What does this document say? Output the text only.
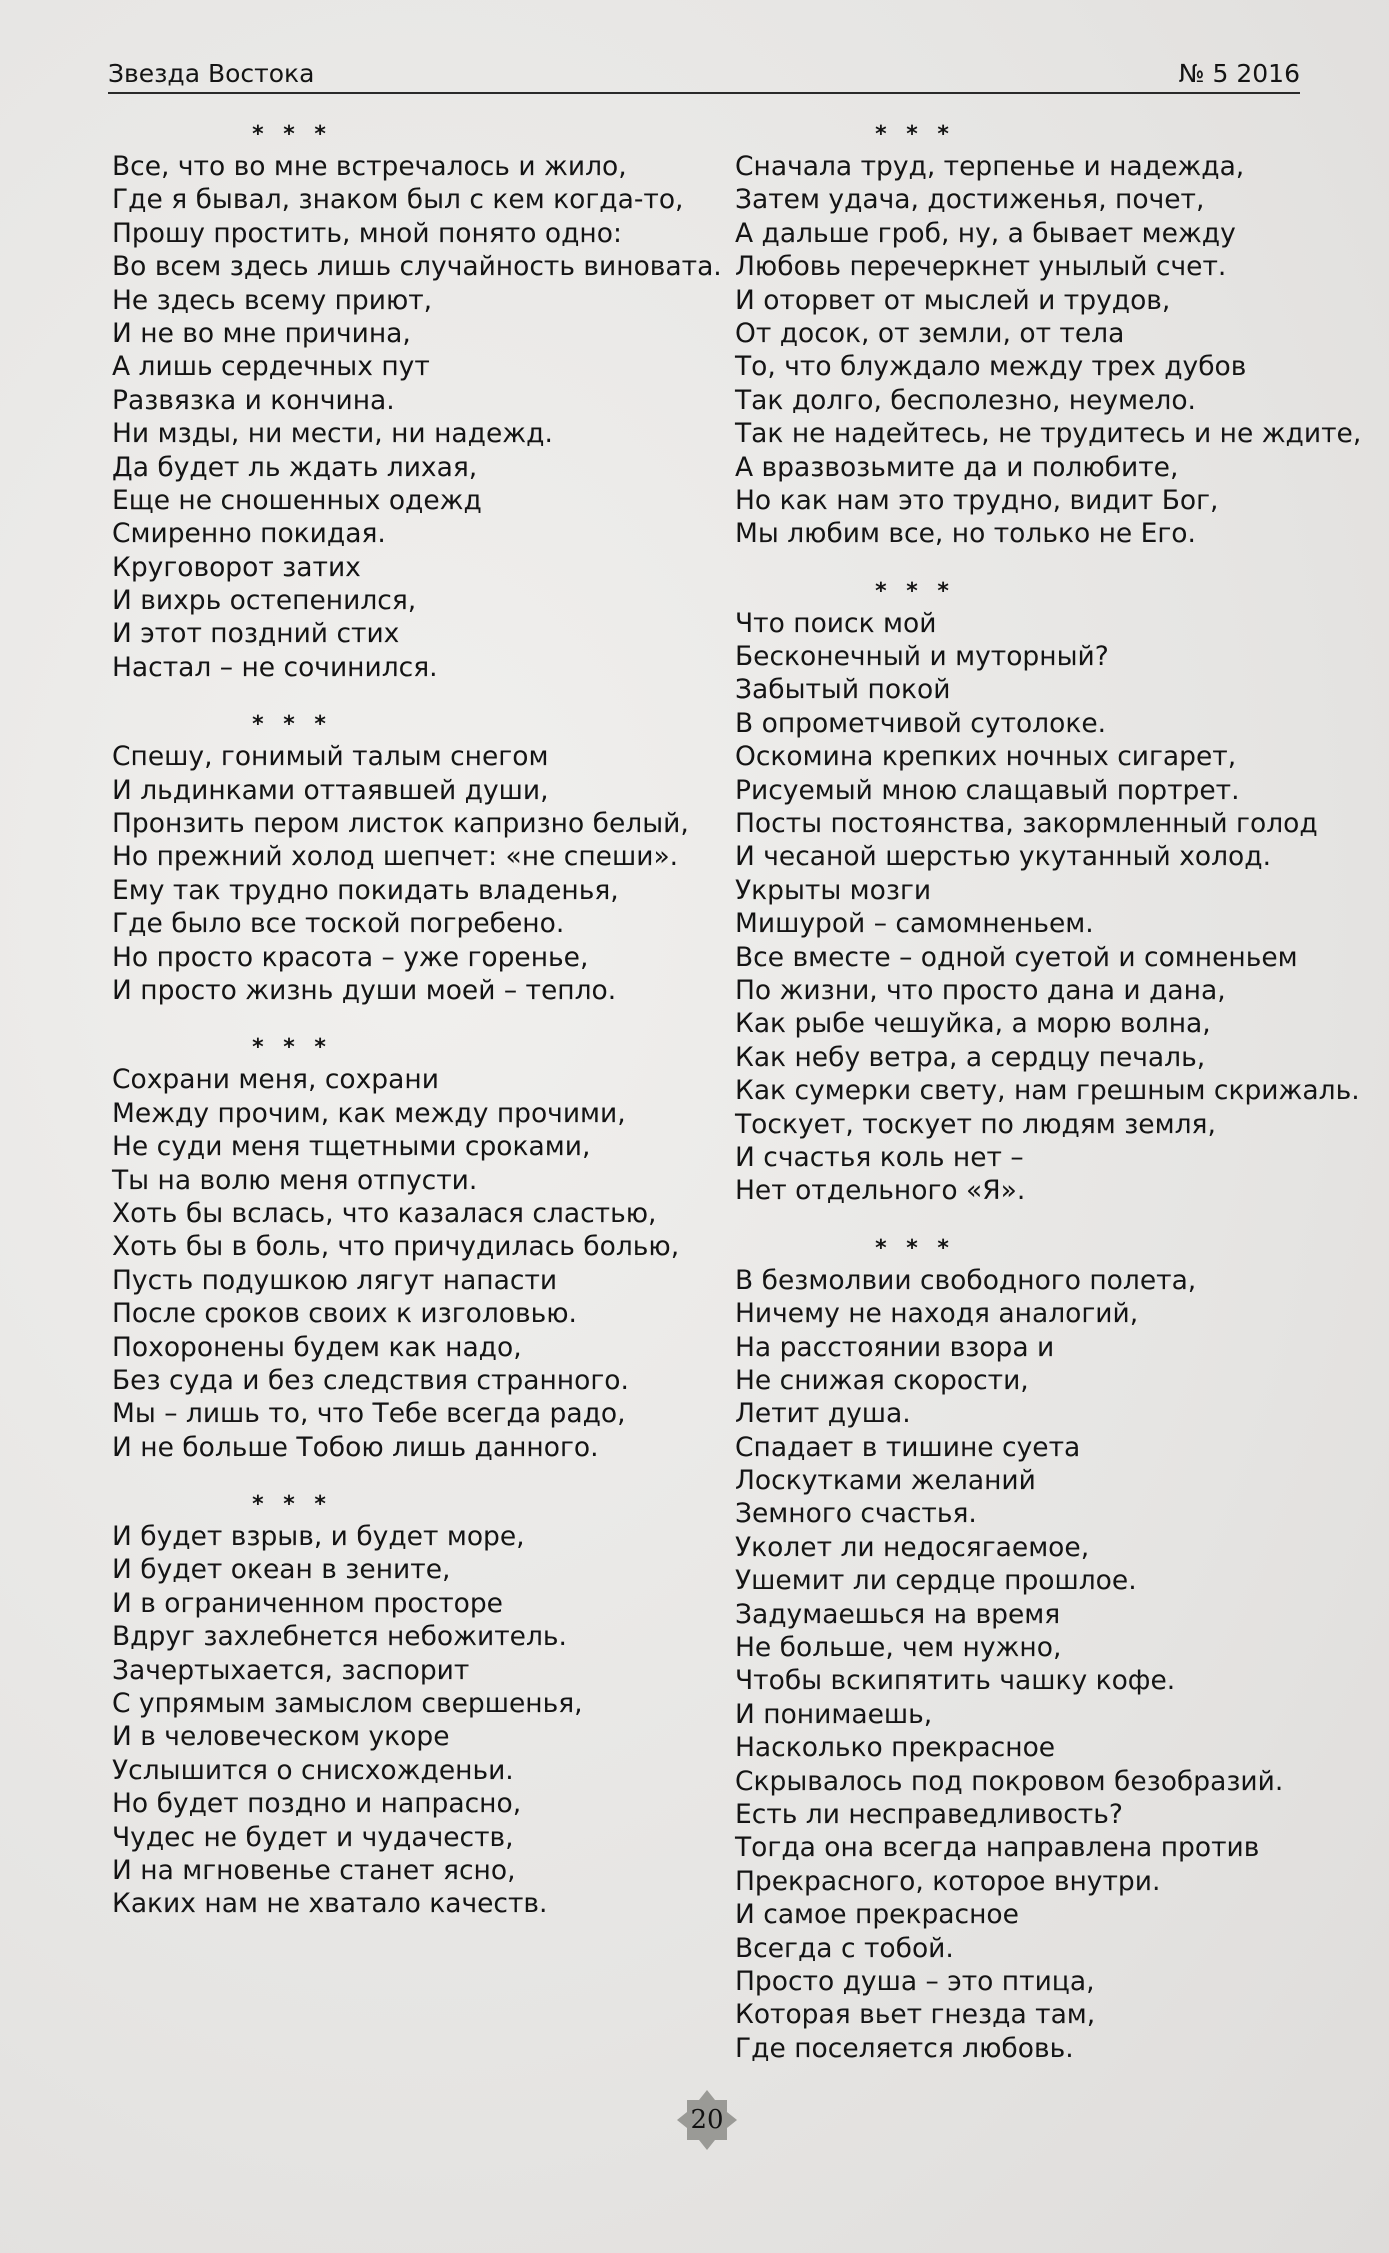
Звезда Востока	№ 5 2016
* * *
Все, что во мне встречалось и жило,
Где я бывал, знаком был с кем когда-то,
Прошу простить, мной понято одно:
Во всем здесь лишь случайность виновата.
Не здесь всему приют,
И не во мне причина,
А лишь сердечных пут
Развязка и кончина.
Ни мзды, ни мести, ни надежд.
Да будет ль ждать лихая,
Еще не сношенных одежд
Смиренно покидая.
Круговорот затих
И вихрь остепенился,
И этот поздний стих
Настал – не сочинился.
* * *
Спешу, гонимый талым снегом
И льдинками оттаявшей души,
Пронзить пером листок капризно белый,
Но прежний холод шепчет: «не спеши».
Ему так трудно покидать владенья,
Где было все тоской погребено.
Но просто красота – уже горенье,
И просто жизнь души моей – тепло.
* * *
Сохрани меня, сохрани
Между прочим, как между прочими,
Не суди меня тщетными сроками,
Ты на волю меня отпусти.
Хоть бы вслась, что казалася сластью,
Хоть бы в боль, что причудилась болью,
Пусть подушкою лягут напасти
После сроков своих к изголовью.
Похоронены будем как надо,
Без суда и без следствия странного.
Мы – лишь то, что Тебе всегда радо,
И не больше Тобою лишь данного.
* * *
И будет взрыв, и будет море,
И будет океан в зените,
И в ограниченном просторе
Вдруг захлебнется небожитель.
Зачертыхается, заспорит
С упрямым замыслом свершенья,
И в человеческом укоре
Услышится о снисхожденьи.
Но будет поздно и напрасно,
Чудес не будет и чудачеств,
И на мгновенье станет ясно,
Каких нам не хватало качеств.
* * *
Сначала труд, терпенье и надежда,
Затем удача, достиженья, почет,
А дальше гроб, ну, а бывает между
Любовь перечеркнет унылый счет.
И оторвет от мыслей и трудов,
От досок, от земли, от тела
То, что блуждало между трех дубов
Так долго, бесполезно, неумело.
Так не надейтесь, не трудитесь и не ждите,
А вразвозьмите да и полюбите,
Но как нам это трудно, видит Бог,
Мы любим все, но только не Его.
* * *
Что поиск мой
Бесконечный и муторный?
Забытый покой
В опрометчивой сутолоке.
Оскомина крепких ночных сигарет,
Рисуемый мною слащавый портрет.
Посты постоянства, закормленный голод
И чесаной шерстью укутанный холод.
Укрыты мозги
Мишурой – самомненьем.
Все вместе – одной суетой и сомненьем
По жизни, что просто дана и дана,
Как рыбе чешуйка, а морю волна,
Как небу ветра, а сердцу печаль,
Как сумерки свету, нам грешным скрижаль.
Тоскует, тоскует по людям земля,
И счастья коль нет –
Нет отдельного «Я».
* * *
В безмолвии свободного полета,
Ничему не находя аналогий,
На расстоянии взора и
Не снижая скорости,
Летит душа.
Спадает в тишине суета
Лоскутками желаний
Земного счастья.
Уколет ли недосягаемое,
Ушемит ли сердце прошлое.
Задумаешься на время
Не больше, чем нужно,
Чтобы вскипятить чашку кофе.
И понимаешь,
Насколько прекрасное
Скрывалось под покровом безобразий.
Есть ли несправедливость?
Тогда она всегда направлена против
Прекрасного, которое внутри.
И самое прекрасное
Всегда с тобой.
Просто душа – это птица,
Которая вьет гнезда там,
Где поселяется любовь.
20
